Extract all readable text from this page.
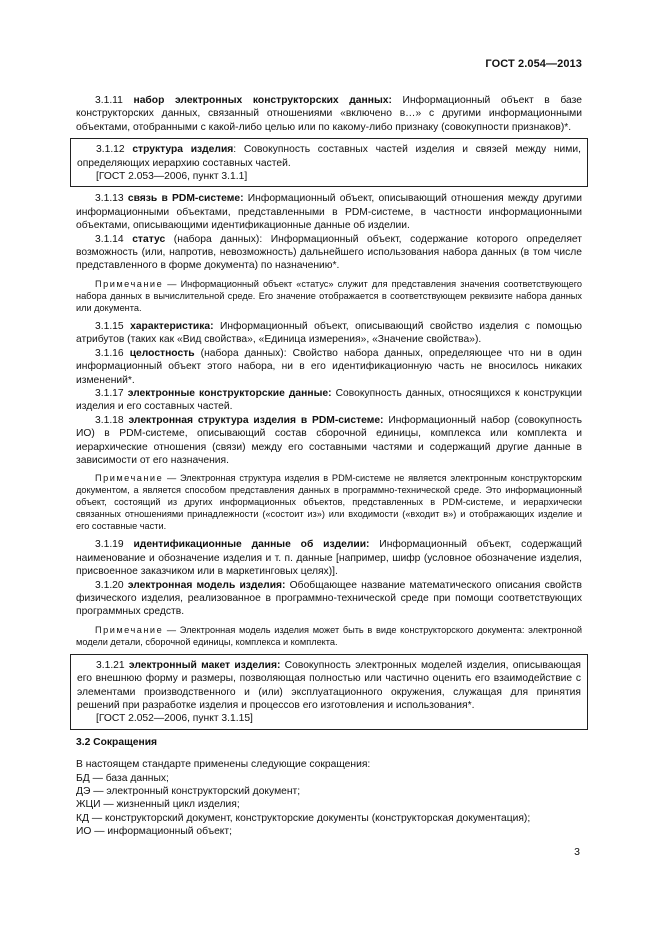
ГОСТ 2.054—2013

3.1.11 набор электронных конструкторских данных: Информационный объект в базе конструкторских данных, связанный отношениями «включено в…» с другими информационными объектами, отобранными с какой-либо целью или по какому-либо признаку (совокупности признаков)*.

3.1.12 структура изделия: Совокупность составных частей изделия и связей между ними, определяющих иерархию составных частей.

[ГОСТ 2.053—2006, пункт 3.1.1]

3.1.13 связь в PDM-системе: Информационный объект, описывающий отношения между другими информационными объектами, представленными в PDM-системе, в частности информационными объектами, описывающими идентификационные данные об изделии.

3.1.14 статус (набора данных): Информационный объект, содержание которого определяет возможность (или, напротив, невозможность) дальнейшего использования набора данных (в том числе представленного в форме документа) по назначению*.

Примечание — Информационный объект «статус» служит для представления значения соответствующего набора данных в вычислительной среде. Его значение отображается в соответствующем реквизите набора данных или документа.

3.1.15 характеристика: Информационный объект, описывающий свойство изделия с помощью атрибутов (таких как «Вид свойства», «Единица измерения», «Значение свойства»).

3.1.16 целостность (набора данных): Свойство набора данных, определяющее что ни в один информационный объект этого набора, ни в его идентификационную часть не вносилось никаких изменений*.

3.1.17 электронные конструкторские данные: Совокупность данных, относящихся к конструкции изделия и его составных частей.

3.1.18 электронная структура изделия в PDM-системе: Информационный набор (совокупность ИО) в PDM-системе, описывающий состав сборочной единицы, комплекса или комплекта и иерархические отношения (связи) между его составными частями и содержащий другие данные в зависимости от его назначения.

Примечание — Электронная структура изделия в PDM-системе не является электронным конструкторским документом, а является способом представления данных в программно-технической среде. Это информационный объект, состоящий из других информационных объектов, представленных в PDM-системе, и иерархически связанных отношениями принадлежности («состоит из») или входимости («входит в») и отображающих изделие и его составные части.

3.1.19 идентификационные данные об изделии: Информационный объект, содержащий наименование и обозначение изделия и т. п. данные [например, шифр (условное обозначение изделия, присвоенное заказчиком или в маркетинговых целях)].

3.1.20 электронная модель изделия: Обобщающее название математического описания свойств физического изделия, реализованное в программно-технической среде при помощи соответствующих программных средств.

Примечание — Электронная модель изделия может быть в виде конструкторского документа: электронной модели детали, сборочной единицы, комплекса и комплекта.

3.1.21 электронный макет изделия: Совокупность электронных моделей изделия, описывающая его внешнюю форму и размеры, позволяющая полностью или частично оценить его взаимодействие с элементами производственного и (или) эксплуатационного окружения, служащая для принятия решений при разработке изделия и процессов его изготовления и использования*.

[ГОСТ 2.052—2006, пункт 3.1.15]

3.2 Сокращения

В настоящем стандарте применены следующие сокращения:

БД — база данных;

ДЭ — электронный конструкторский документ;

ЖЦИ — жизненный цикл изделия;

КД — конструкторский документ, конструкторские документы (конструкторская документация);

ИО — информационный объект;

3
